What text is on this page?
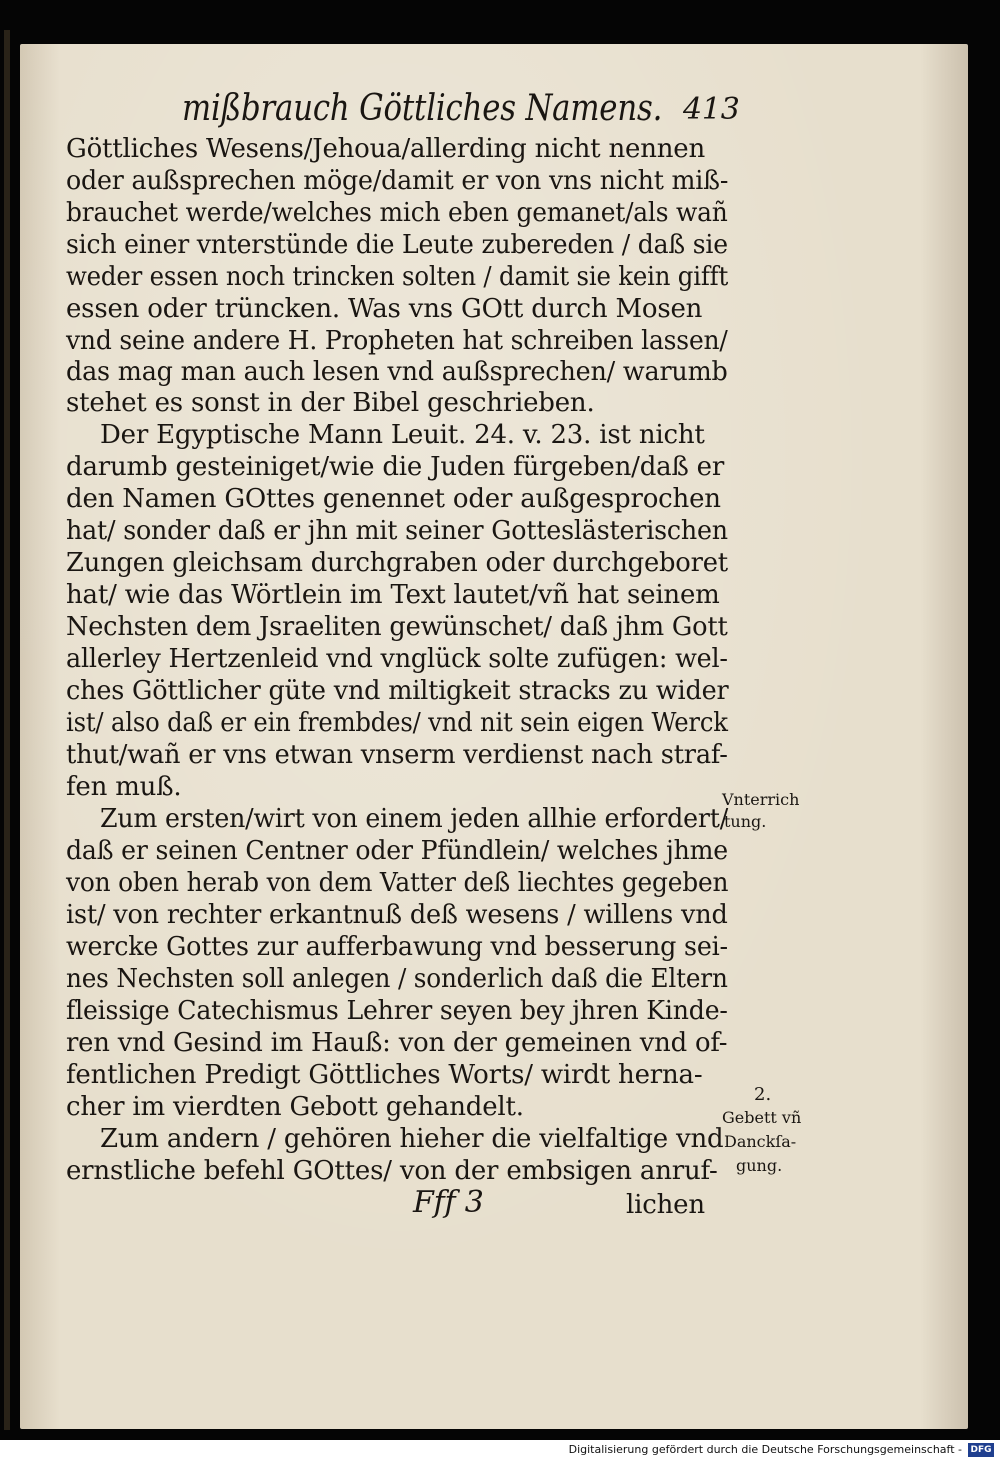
mißbrauch Göttliches Namens. 413
Göttliches Wesens/Jehoua/allerding nicht nennen
oder außsprechen möge/damit er von vns nicht miß-
brauchet werde/welches mich eben gemanet/als wañ
sich einer vnterstünde die Leute zubereden / daß sie
weder essen noch trincken solten / damit sie kein gifft
essen oder trüncken. Was vns GOtt durch Mosen
vnd seine andere H. Propheten hat schreiben lassen/
das mag man auch lesen vnd außsprechen/ warumb
stehet es sonst in der Bibel geschrieben.
Der Egyptische Mann Leuit. 24. v. 23. ist nicht
darumb gesteiniget/wie die Juden fürgeben/daß er
den Namen GOttes genennet oder außgesprochen
hat/ sonder daß er jhn mit seiner Gotteslästerischen
Zungen gleichsam durchgraben oder durchgeboret
hat/ wie das Wörtlein im Text lautet/vñ hat seinem
Nechsten dem Jsraeliten gewünschet/ daß jhm Gott
allerley Hertzenleid vnd vnglück solte zufügen: wel-
ches Göttlicher güte vnd miltigkeit stracks zu wider
ist/ also daß er ein frembdes/ vnd nit sein eigen Werck
thut/wañ er vns etwan vnserm verdienst nach straf-
fen muß.
Zum ersten/wirt von einem jeden allhie erfordert/
daß er seinen Centner oder Pfündlein/ welches jhme
von oben herab von dem Vatter deß liechtes gegeben
ist/ von rechter erkantnuß deß wesens / willens vnd
wercke Gottes zur aufferbawung vnd besserung sei-
nes Nechsten soll anlegen / sonderlich daß die Eltern
fleissige Catechismus Lehrer seyen bey jhren Kinde-
ren vnd Gesind im Hauß: von der gemeinen vnd of-
fentlichen Predigt Göttliches Worts/ wirdt herna-
cher im vierdten Gebott gehandelt.
Zum andern / gehören hieher die vielfaltige vnd
ernstliche befehl GOttes/ von der embsigen anruf-
Vnterrich
tung.
2.
Gebett vñ
Danckſa-
gung.
Fff 3	lichen
Digitalisierung gefördert durch die Deutsche Forschungsgemeinschaft - DFG
